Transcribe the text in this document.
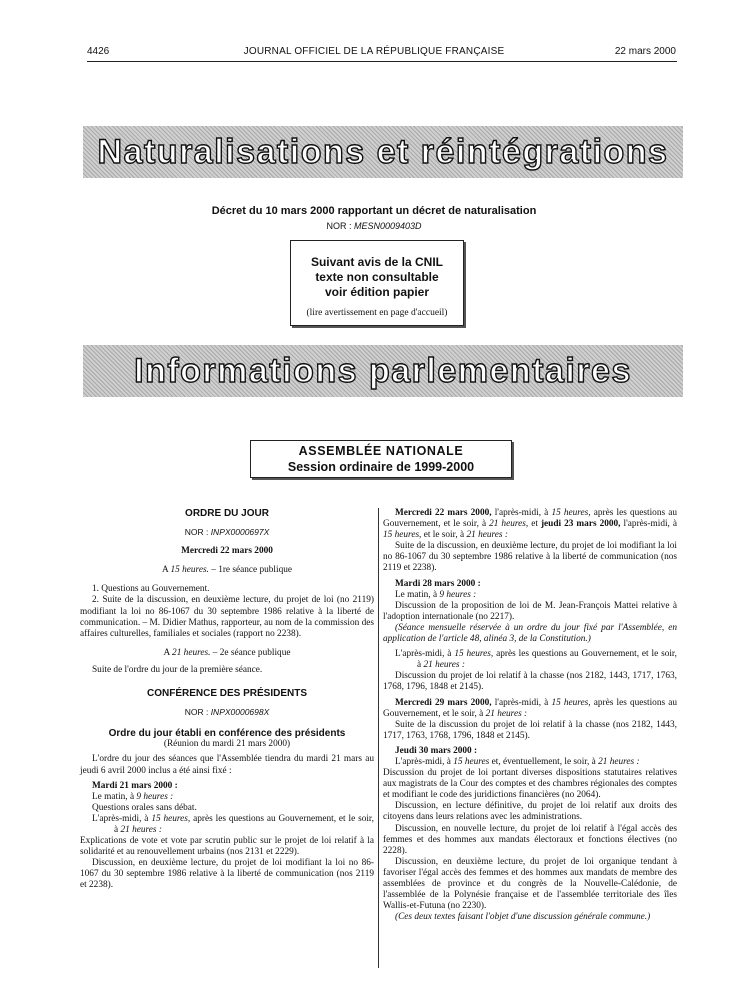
4426	JOURNAL OFFICIEL DE LA RÉPUBLIQUE FRANÇAISE	22 mars 2000
Naturalisations et réintégrations
Décret du 10 mars 2000 rapportant un décret de naturalisation
NOR : MESN0009403D
Suivant avis de la CNIL
texte non consultable
voir édition papier
(lire avertissement en page d'accueil)
Informations parlementaires
ASSEMBLÉE NATIONALE
Session ordinaire de 1999-2000

ORDRE DU JOUR

NOR : INPX0000697X

Mercredi 22 mars 2000

A 15 heures. – 1re séance publique

1. Questions au Gouvernement.

2. Suite de la discussion, en deuxième lecture, du projet de loi (no 2119) modifiant la loi no 86-1067 du 30 septembre 1986 relative à la liberté de communication. – M. Didier Mathus, rapporteur, au nom de la commission des affaires culturelles, familiales et sociales (rapport no 2238).

A 21 heures. – 2e séance publique

Suite de l'ordre du jour de la première séance.

CONFÉRENCE DES PRÉSIDENTS

NOR : INPX0000698X

Ordre du jour établi en conférence des présidents

(Réunion du mardi 21 mars 2000)

L'ordre du jour des séances que l'Assemblée tiendra du mardi 21 mars au jeudi 6 avril 2000 inclus a été ainsi fixé :

Mardi 21 mars 2000 :

Le matin, à 9 heures :

Questions orales sans débat.

L'après-midi, à 15 heures, après les questions au Gouvernement, et le soir, à 21 heures :

Explications de vote et vote par scrutin public sur le projet de loi relatif à la solidarité et au renouvellement urbains (nos 2131 et 2229).

Discussion, en deuxième lecture, du projet de loi modifiant la loi no 86-1067 du 30 septembre 1986 relative à la liberté de communication (nos 2119 et 2238).

Mercredi 22 mars 2000, l'après-midi, à 15 heures, après les questions au Gouvernement, et le soir, à 21 heures, et jeudi 23 mars 2000, l'après-midi, à 15 heures, et le soir, à 21 heures :

Suite de la discussion, en deuxième lecture, du projet de loi modifiant la loi no 86-1067 du 30 septembre 1986 relative à la liberté de communication (nos 2119 et 2238).

Mardi 28 mars 2000 :

Le matin, à 9 heures :

Discussion de la proposition de loi de M. Jean-François Mattei relative à l'adoption internationale (no 2217).

(Séance mensuelle réservée à un ordre du jour fixé par l'Assemblée, en application de l'article 48, alinéa 3, de la Constitution.)

L'après-midi, à 15 heures, après les questions au Gouvernement, et le soir, à 21 heures :

Discussion du projet de loi relatif à la chasse (nos 2182, 1443, 1717, 1763, 1768, 1796, 1848 et 2145).

Mercredi 29 mars 2000, l'après-midi, à 15 heures, après les questions au Gouvernement, et le soir, à 21 heures :

Suite de la discussion du projet de loi relatif à la chasse (nos 2182, 1443, 1717, 1763, 1768, 1796, 1848 et 2145).

Jeudi 30 mars 2000 :

L'après-midi, à 15 heures et, éventuellement, le soir, à 21 heures :

Discussion du projet de loi portant diverses dispositions statutaires relatives aux magistrats de la Cour des comptes et des chambres régionales des comptes et modifiant le code des juridictions financières (no 2064).

Discussion, en lecture définitive, du projet de loi relatif aux droits des citoyens dans leurs relations avec les administrations.

Discussion, en nouvelle lecture, du projet de loi relatif à l'égal accès des femmes et des hommes aux mandats électoraux et fonctions électives (no 2228).

Discussion, en deuxième lecture, du projet de loi organique tendant à favoriser l'égal accès des femmes et des hommes aux mandats de membre des assemblées de province et du congrès de la Nouvelle-Calédonie, de l'assemblée de la Polynésie française et de l'assemblée territoriale des îles Wallis-et-Futuna (no 2230).

(Ces deux textes faisant l'objet d'une discussion générale commune.)
